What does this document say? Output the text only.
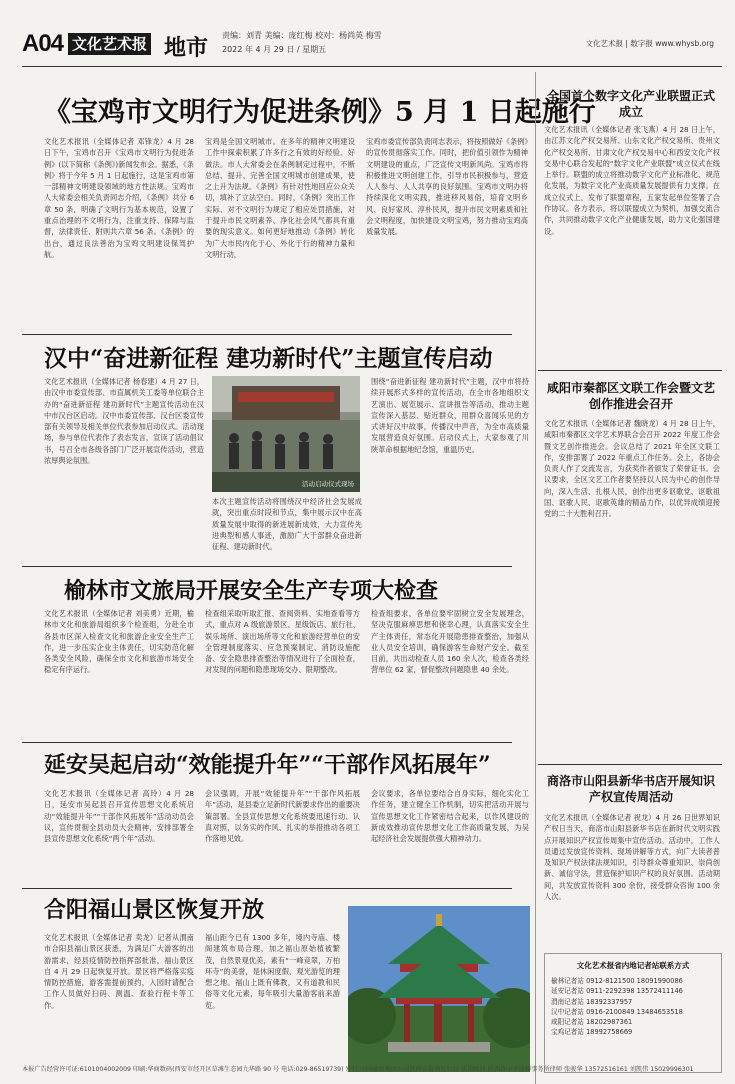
A04 文化艺术报 地市 责编：刘青 美编：庞红梅 校对：杨尚英 梅雪
2022 年 4 月 29 日 / 星期五
文化艺术报 | 数字报 www.whysb.org
《宝鸡市文明行为促进条例》5 月 1 日起施行

文化艺术报讯（全媒体记者 邓锋龙）4 月 28 日下午，宝鸡市召开《宝鸡市文明行为促进条例》(以下简称《条例》)新闻发布会。据悉，《条例》将于今年 5 月 1 日起施行，这是宝鸡市第一部精神文明建设领域的地方性法规。宝鸡市人大常委会相关负责同志介绍，《条例》共分 6 章 50 条，明确了文明行为基本规范，设置了重点治理的不文明行为，注重支持、保障与监督，法律责任、附则共六章 56 条。《条例》的出台，通过良法善治为宝鸡文明建设保驾护航。

宝鸡是全国文明城市。在多年的精神文明建设工作中探索积累了许多行之有效的好经验、好做法。市人大常委会在条例制定过程中，不断总结、提升、完善全国文明城市创建成果，使之上升为法规。《条例》有针对性地回应公众关切，填补了立法空白。同时，《条例》突出工作实际、对不文明行为规定了相应处罚措施，对于提升市民文明素养、净化社会风气都具有重要的现实意义。如何更好地推动《条例》转化为广大市民内化于心、外化于行的精神力量和文明行动，

宝鸡市委宣传部负责同志表示，将按照做好《条例》的宣传贯彻落实工作。同时，把价值引领作为精神文明建设的重点，广泛宣传文明新风尚。宝鸡市将积极推进文明创建工作，引导市民积极参与，营造人人参与、人人共享的良好氛围。宝鸡市文明办将持续深化文明实践，推进移风易俗，培育文明乡风、良好家风、淳朴民风，提升市民文明素质和社会文明程度，加快建设文明宝鸡，努力推动宝鸡高质量发展。

汉中“奋进新征程 建功新时代”主题宣传启动

文化艺术报讯（全媒体记者 杨春建）4 月 27 日，由汉中市委宣传部、市直属机关工委等单位联合主办的“奋进新征程 建功新时代”主题宣传活动在汉中市汉台区启动。汉中市委宣传部、汉台区委宣传部有关领导及相关单位代表参加启动仪式。活动现场，参与单位代表作了表态发言，宣读了活动倡议书，号召全市各级各部门广泛开展宣传活动，营造浓厚舆论氛围。

活动启动仪式现场

本次主题宣传活动将围绕汉中经济社会发展成就，突出重点时段和节点，集中展示汉中在高质量发展中取得的新进展新成效，大力宣传先进典型和感人事迹，激励广大干部群众奋进新征程、建功新时代。

围绕“奋进新征程 建功新时代”主题，汉中市将持续开展形式多样的宣传活动，在全市各地组织文艺演出、展览展示、宣讲报告等活动，推动主题宣传深入基层、贴近群众，用群众喜闻乐见的方式讲好汉中故事，传播汉中声音，为全市高质量发展营造良好氛围。启动仪式上，大家参观了川陕革命根据地纪念馆，重温历史。

榆林市文旅局开展安全生产专项大检查

文化艺术报讯（全媒体记者 刘美勇）近期，榆林市文化和旅游局组织多个检查组，分赴全市各县市区深入检查文化和旅游企业安全生产工作，进一步压实企业主体责任，切实防范化解各类安全风险，确保全市文化和旅游市场安全稳定有序运行。

检查组采取听取汇报、查阅资料、实地查看等方式，重点对 A 级旅游景区、星级饭店、旅行社、娱乐场所、演出场所等文化和旅游经营单位的安全管理制度落实、应急预案制定、消防设施配备、安全隐患排查整治等情况进行了全面检查，对发现的问题和隐患现场交办、限期整改。

检查组要求，各单位要牢固树立安全发展理念，坚决克服麻痹思想和侥幸心理，认真落实安全生产主体责任，常态化开展隐患排查整治，加强从业人员安全培训，确保游客生命财产安全。截至目前，共出动检查人员 160 余人次，检查各类经营单位 62 家，督促整改问题隐患 40 余处。

延安吴起启动“效能提升年”“干部作风拓展年”

文化艺术报讯（全媒体记者 高玲）4 月 28 日，延安市吴起县召开宣传思想文化系统启动“效能提升年”“干部作风拓展年”活动动员会议，宣传贯彻全县动员大会精神，安排部署全县宣传思想文化系统“两个年”活动。

会议强调，开展“效能提升年”“干部作风拓展年”活动，是县委立足新时代新要求作出的重要决策部署。全县宣传思想文化系统要迅速行动、认真对照，以务实的作风、扎实的举措推动各项工作落地见效。

会议要求，各单位要结合自身实际，细化实化工作任务，建立健全工作机制，切实把活动开展与宣传思想文化工作紧密结合起来，以作风建设的新成效推动宣传思想文化工作高质量发展，为吴起经济社会发展提供强大精神动力。

合阳福山景区恢复开放

文化艺术报讯（全媒体记者 卖龙）记者从渭南市合阳县福山景区获悉，为满足广大游客的出游需求，经县疫情防控指挥部批准，福山景区自 4 月 29 日起恢复开放。景区将严格落实疫情防控措施，游客需提前预约，入园时请配合工作人员做好扫码、测温、查验行程卡等工作。

福山距今已有 1300 多年，境内寺庙、楼阁建筑布局合理，加之福山原始植被繁茂，自然景观优美，素有“一峰竞翠，万柏环寺”的美誉，是休闲度假、观光游览的理想之地。福山上既有佛教，又有道教和民俗等文化元素，每年吸引大量游客前来游览。

全国首个数字文化产业联盟正式成立

文化艺术报讯（全媒体记者 张飞燕）4 月 28 日上午，由江苏文化产权交易所、山东文化产权交易所、贵州文化产权交易所、甘肃文化产权交易中心和西安文化产权交易中心联合发起的“数字文化产业联盟”成立仪式在线上举行。联盟的成立将推动数字文化产业标准化、规范化发展，为数字文化产业高质量发展提供有力支撑。在成立仪式上，发布了联盟章程，五家发起单位签署了合作协议。各方表示，将以联盟成立为契机，加强交流合作，共同推动数字文化产业健康发展，助力文化强国建设。

咸阳市秦都区文联工作会暨文艺创作推进会召开

文化艺术报讯（全媒体记者 魏晓龙）4 月 28 日上午，咸阳市秦都区文学艺术界联合会召开 2022 年度工作会暨文艺创作推进会。会议总结了 2021 年全区文联工作，安排部署了 2022 年重点工作任务。会上，各协会负责人作了交流发言，为获奖作者颁发了荣誉证书。会议要求，全区文艺工作者要坚持以人民为中心的创作导向，深入生活、扎根人民，创作出更多讴歌党、讴歌祖国、讴歌人民、讴歌英雄的精品力作，以优异成绩迎接党的二十大胜利召开。

商洛市山阳县新华书店开展知识产权宣传周活动

文化艺术报讯（全媒体记者 祝龙）4 月 26 日世界知识产权日当天，商洛市山阳县新华书店在新时代文明实践点开展知识产权宣传周集中宣传活动。活动中，工作人员通过发放宣传资料、现场讲解等方式，向广大读者普及知识产权法律法规知识，引导群众尊重知识、崇尚创新、诚信守法，营造保护知识产权的良好氛围。活动期间，共发放宣传资料 300 余份，接受群众咨询 100 余人次。

文化艺术报省内地记者站联系方式
榆林记者站 0912-8121500 18091990086
延安记者站 0911-2292398 13572411146
渭南记者站 18392337957
汉中记者站 0916-2100849 13484653518
咸阳记者站 18202987361
宝鸡记者站 18992758669
本报广告经营许可证:6101004002009 印刷:华商数码(西安市经开区草滩生态园九华路 90 号 电话:029-86519739) 发行:中国邮政集团公司陕西省报刊发行局 法律顾问:陕西许小平律师事务所律师 张骏华 13572516161 刘凯伟 15029996301
